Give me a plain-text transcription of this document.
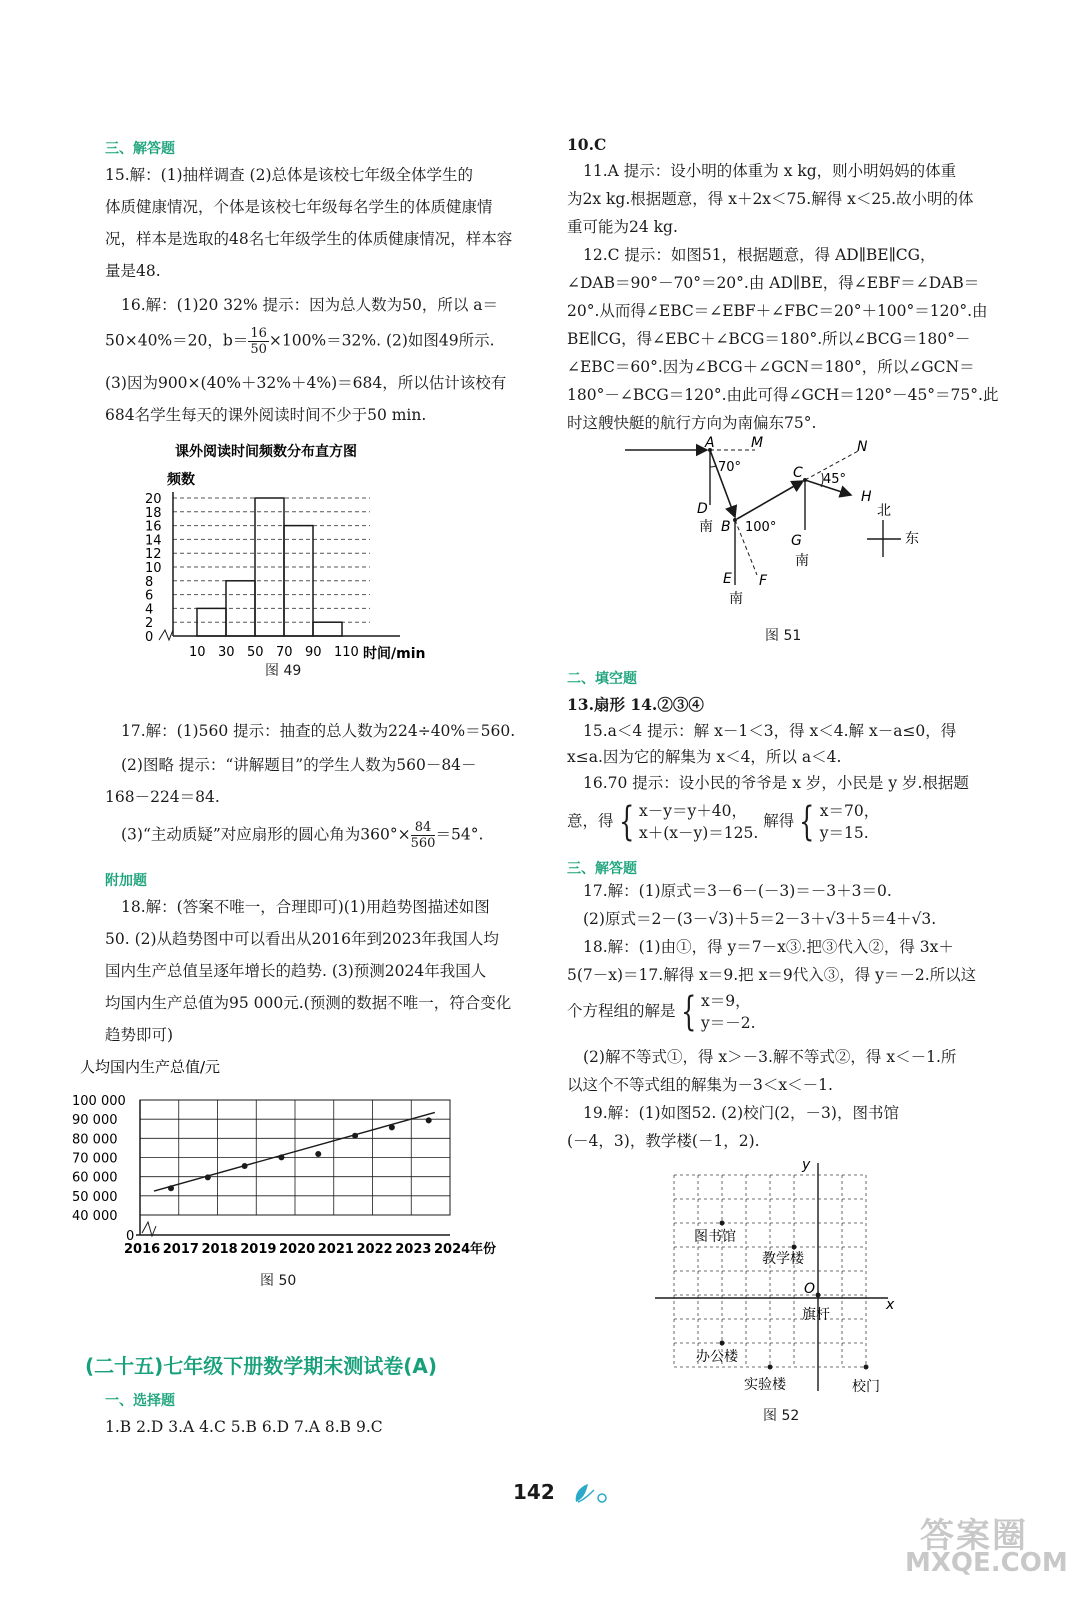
三、解答题
15.解：(1)抽样调查 (2)总体是该校七年级全体学生的
体质健康情况，个体是该校七年级每名学生的体质健康情
况，样本是选取的48名七年级学生的体质健康情况，样本容
量是48.
16.解：(1)20 32% 提示：因为总人数为50，所以 a＝
50×40%＝20，$b= \frac{16}{50} \times 100\%=32\%$. (2)如图49所示.
(3)因为900×(40%＋32%＋4%)＝684，所以估计该校有
684名学生每天的课外阅读时间不少于50 min.
图 49
17.解：(1)560 提示：抽查的总人数为224÷40%＝560.
(2)图略 提示：“讲解题目”的学生人数为560－84－
168－224＝84.
(3)“主动质疑”对应扇形的圆心角为$360^\circ\times \frac{84}{560} =54^\circ$.
附加题
18.解：(答案不唯一，合理即可)(1)用趋势图描述如图
50. (2)从趋势图中可以看出从2016年到2023年我国人均
国内生产总值呈逐年增长的趋势. (3)预测2024年我国人
均国内生产总值为95 000元.(预测的数据不唯一，符合变化
趋势即可)
图 50
(二十五)七年级下册数学期末测试卷(A)
一、选择题
1.B 2.D 3.A 4.C 5.B 6.D 7.A 8.B 9.C
课外阅读时间频数分布直方图
频数
0
2
4
6
8
10
12
14
16
18
20
10 30 50 70 90 110 时间/min
人均国内生产总值/元
40 000
50 000
60 000
70 000
80 000
90 000
100 000
0
2016 2017 2018 2019 2020 2021 2022 2023 2024 年份
10.C
11.A 提示：设小明的体重为 x kg，则小明妈妈的体重
为2x kg.根据题意，得 x＋2x＜75.解得 x＜25.故小明的体
重可能为24 kg.
12.C 提示：如图51，根据题意，得 AD∥BE∥CG，
∠DAB＝90°－70°＝20°.由 AD∥BE，得∠EBF＝∠DAB＝
20°.从而得∠EBC＝∠EBF＋∠FBC＝20°＋100°＝120°.由
BE∥CG，得∠EBC＋∠BCG＝180°.所以∠BCG＝180°－
∠EBC＝60°.因为∠BCG＋∠GCN＝180°，所以∠GCN＝
180°－∠BCG＝120°.由此可得∠GCH＝120°－45°＝75°.此
时这艘快艇的航行方向为南偏东75°.
图 51
二、填空题
13.扇形 14.②③④
15.a＜4 提示：解 x－1＜3，得 x＜4.解 x－a≤0，得
x≤a.因为它的解集为 x＜4，所以 a＜4.
16.70 提示：设小民的爷爷是 x 岁，小民是 y 岁.根据题
意，得 { x－y＝y＋40，
x＋(x－y)＝125.
解得 { x＝70，
y＝15.
三、解答题
17.解：(1)原式＝3－6－(－3)＝－3＋3＝0.
(2)原式＝2－(3－√3)＋5＝2－3＋√3＋5＝4＋√3.
18.解：(1)由①，得 y＝7－x③.把③代入②，得 3x＋
5(7－x)＝17.解得 x＝9.把 x＝9代入③，得 y＝－2.所以这
个方程组的解是 { x＝9，
y＝－2.
(2)解不等式①，得 x＞－3.解不等式②，得 x＜－1.所
以这个不等式组的解集为－3＜x＜－1.
19.解：(1)如图52. (2)校门(2，－3)，图书馆
(－4，3)，教学楼(－1，2).
图 52
A	M	N
C
H
D
B
G
E F
70°
100°
45°
南
南
南
北
东
x
y
O
图书馆
教学楼
旗杆
办公楼
实验楼	校门
142
答案圈
MXQE.COM
